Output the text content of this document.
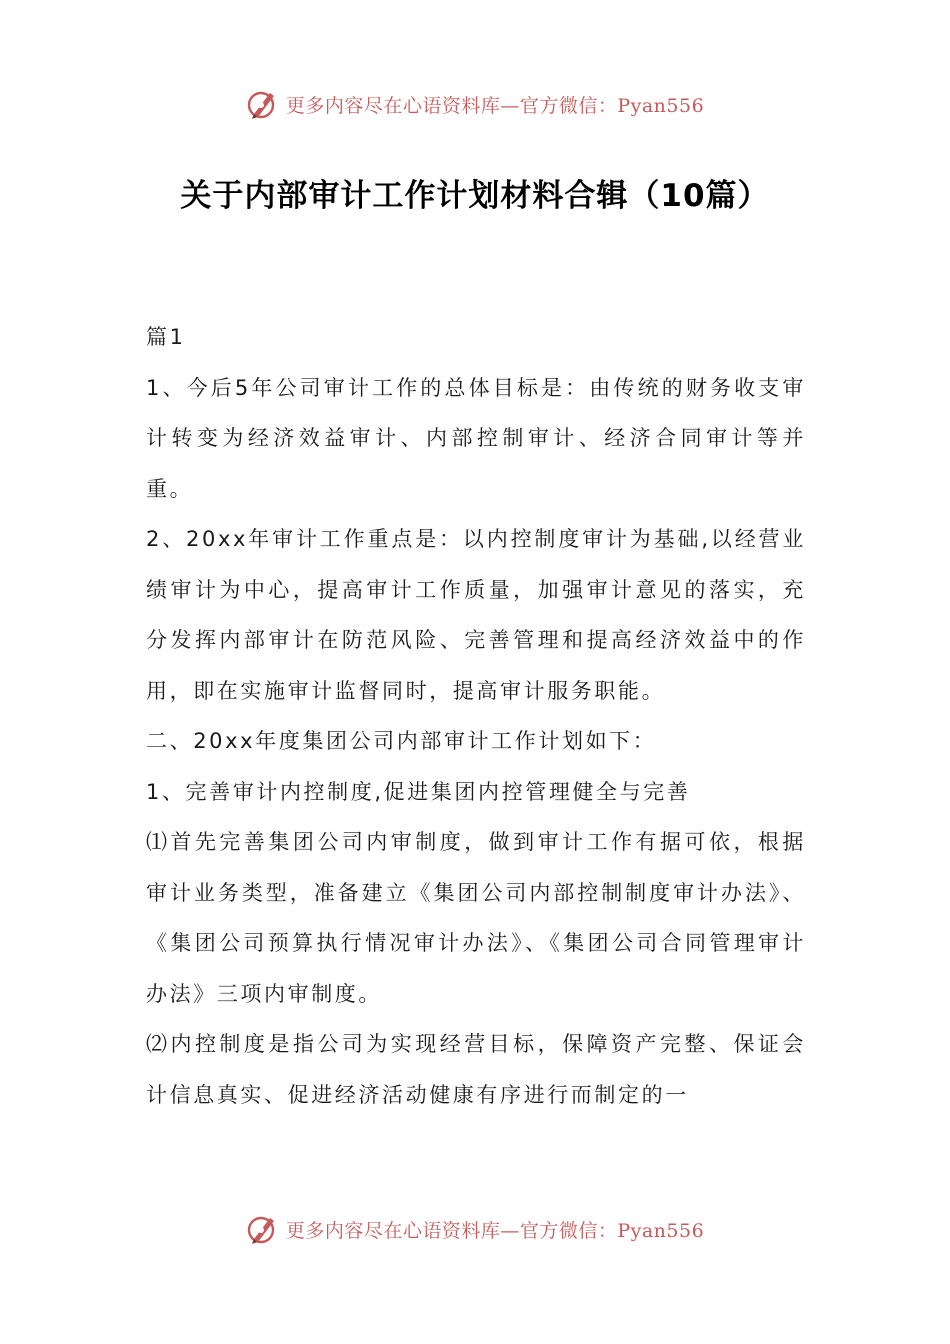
更多内容尽在心语资料库—官方微信：Pyan556
关于内部审计工作计划材料合辑（10篇）

篇1

1、今后5年公司审计工作的总体目标是：由传统的财务收支审计转变为经济效益审计、内部控制审计、经济合同审计等并重。

2、20xx年审计工作重点是：以内控制度审计为基础,以经营业绩审计为中心，提高审计工作质量，加强审计意见的落实，充分发挥内部审计在防范风险、完善管理和提高经济效益中的作用，即在实施审计监督同时，提高审计服务职能。

二、20xx年度集团公司内部审计工作计划如下：

1、完善审计内控制度,促进集团内控管理健全与完善

⑴首先完善集团公司内审制度，做到审计工作有据可依，根据审计业务类型，准备建立《集团公司内部控制制度审计办法》、《集团公司预算执行情况审计办法》、《集团公司合同管理审计办法》三项内审制度。

⑵内控制度是指公司为实现经营目标，保障资产完整、保证会计信息真实、促进经济活动健康有序进行而制定的一

更多内容尽在心语资料库—官方微信：Pyan556
